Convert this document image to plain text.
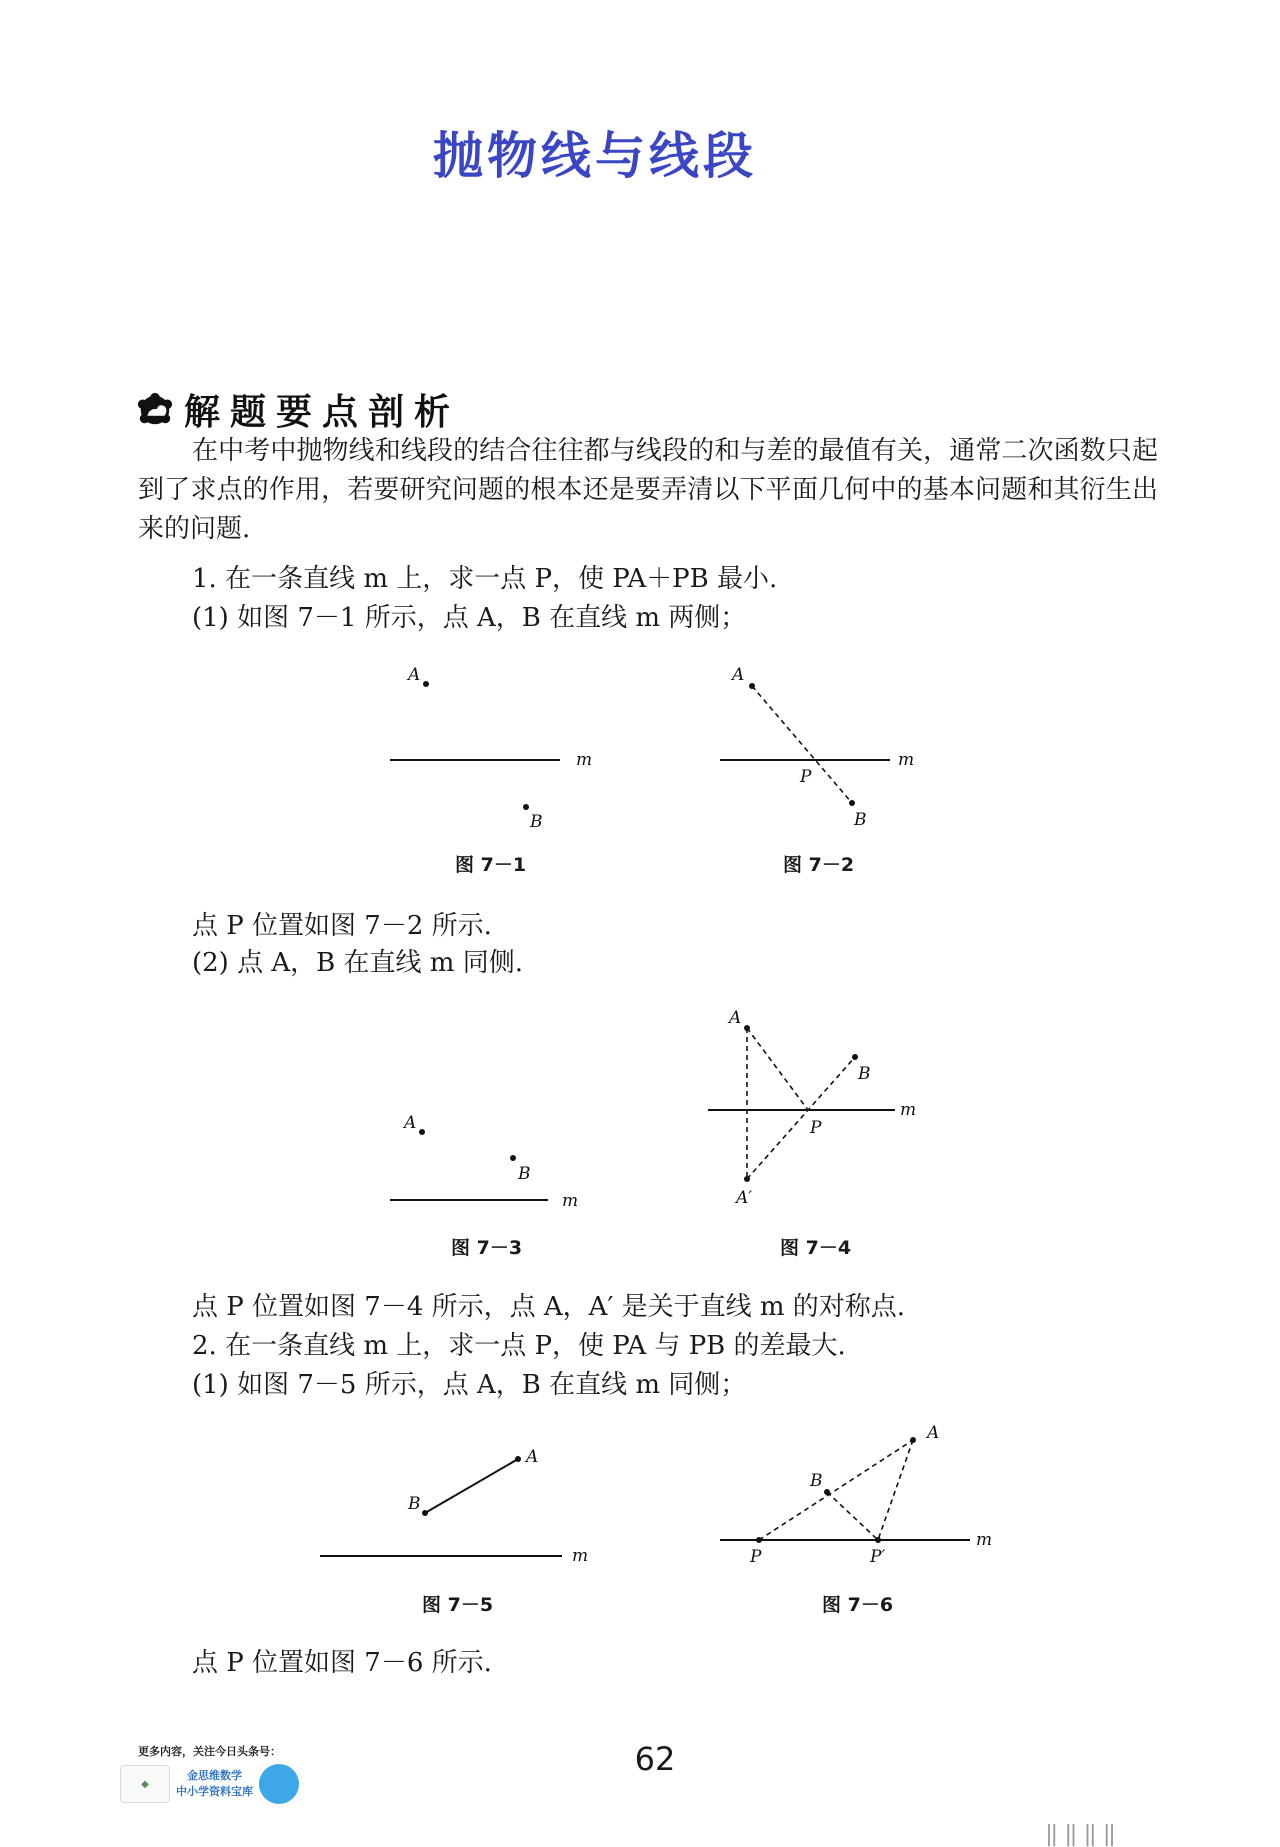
抛物线与线段
解题要点剖析
在中考中抛物线和线段的结合往往都与线段的和与差的最值有关，通常二次函数只起到了求点的作用，若要研究问题的根本还是要弄清以下平面几何中的基本问题和其衍生出来的问题.
1. 在一条直线 m 上，求一点 P，使 PA＋PB 最小.
(1) 如图 7－1 所示，点 A，B 在直线 m 两侧；
A
m
B
图 7－1
A
m
P
B
图 7－2
点 P 位置如图 7－2 所示.
(2) 点 A，B 在直线 m 同侧.
A
B
m
图 7－3
A
B
m
P
A′
图 7－4
点 P 位置如图 7－4 所示，点 A，A′ 是关于直线 m 的对称点.
2. 在一条直线 m 上，求一点 P，使 PA 与 PB 的差最大.
(1) 如图 7－5 所示，点 A，B 在直线 m 同侧；
A
B
m
图 7－5
A
B
m
P	P′
图 7－6
点 P 位置如图 7－6 所示.
62
更多内容，关注今日头条号：
◆
金思维数学
中小学资料宝库
‖‖‖‖
